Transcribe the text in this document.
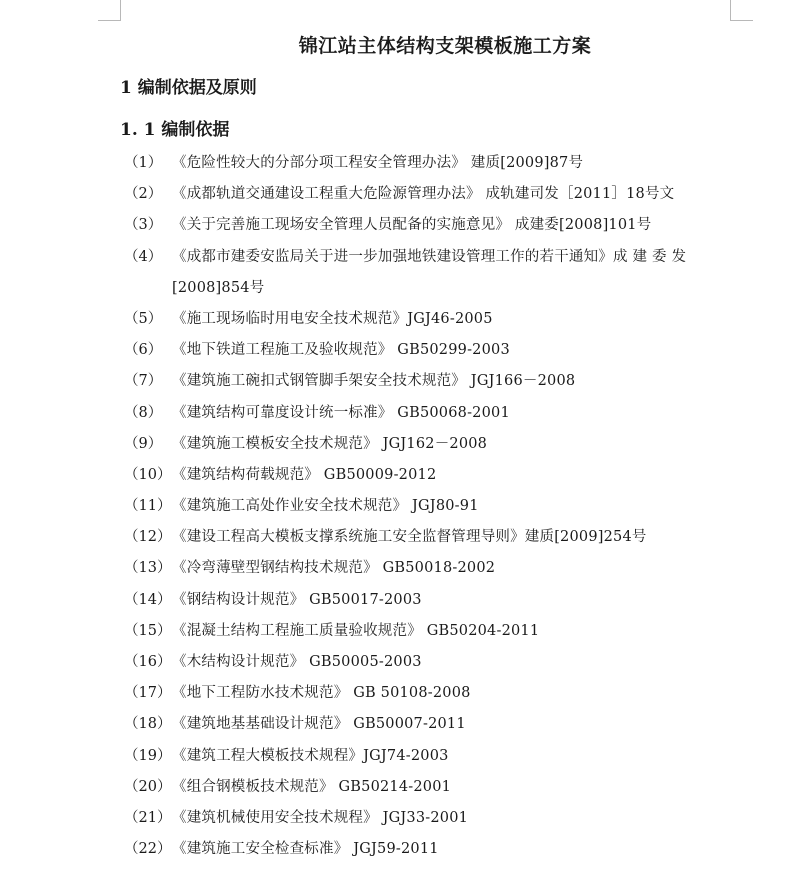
锦江站主体结构支架模板施工方案
1 编制依据及原则
1. 1 编制依据
（1） 《危险性较大的分部分项工程安全管理办法》 建质[2009]87号
（2） 《成都轨道交通建设工程重大危险源管理办法》 成轨建司发［2011］18号文
（3） 《关于完善施工现场安全管理人员配备的实施意见》 成建委[2008]101号
（4） 《成都市建委安监局关于进一步加强地铁建设管理工作的若干通知》成 建 委 发 [2008]854号
（5） 《施工现场临时用电安全技术规范》JGJ46-2005
（6） 《地下铁道工程施工及验收规范》 GB50299-2003
（7） 《建筑施工碗扣式钢管脚手架安全技术规范》 JGJ166－2008
（8） 《建筑结构可靠度设计统一标准》 GB50068-2001
（9） 《建筑施工模板安全技术规范》 JGJ162－2008
（10） 《建筑结构荷载规范》 GB50009-2012
（11） 《建筑施工高处作业安全技术规范》 JGJ80-91
（12） 《建设工程高大模板支撑系统施工安全监督管理导则》建质[2009]254号
（13） 《冷弯薄壁型钢结构技术规范》 GB50018-2002
（14） 《钢结构设计规范》 GB50017-2003
（15） 《混凝土结构工程施工质量验收规范》 GB50204-2011
（16） 《木结构设计规范》 GB50005-2003
（17） 《地下工程防水技术规范》 GB 50108-2008
（18） 《建筑地基基础设计规范》 GB50007-2011
（19） 《建筑工程大模板技术规程》JGJ74-2003
（20） 《组合钢模板技术规范》 GB50214-2001
（21） 《建筑机械使用安全技术规程》 JGJ33-2001
（22） 《建筑施工安全检查标准》 JGJ59-2011
